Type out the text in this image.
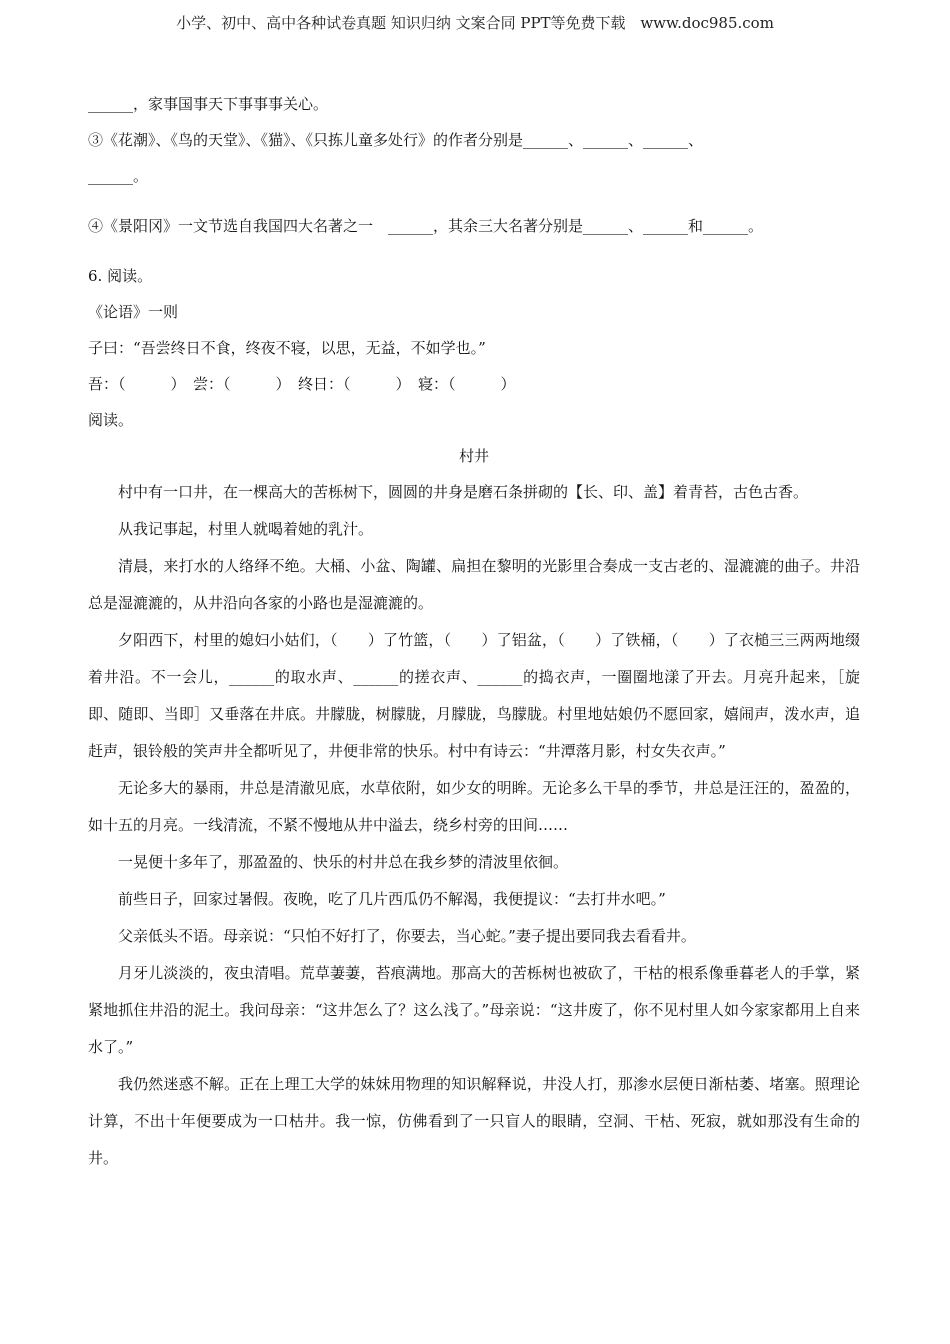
小学、初中、高中各种试卷真题 知识归纳 文案合同 PPT等免费下载 www.doc985.com
______，家事国事天下事事事关心。
③《花潮》、《鸟的天堂》、《猫》、《只拣儿童多处行》的作者分别是______、______、______、
______。
④《景阳冈》一文节选自我国四大名著之一　______，其余三大名著分别是______、______和______。
6. 阅读。
《论语》一则
子曰：“吾尝终日不食，终夜不寝，以思，无益，不如学也。”
吾：（　　　）　尝：（　　　）　终日：（　　　）　寝：（　　　）
阅读。
村井

村中有一口井，在一棵高大的苦栎树下，圆圆的井身是磨石条拼砌的【长、印、盖】着青苔，古色古香。

从我记事起，村里人就喝着她的乳汁。

清晨，来打水的人络绎不绝。大桶、小盆、陶罐、扁担在黎明的光影里合奏成一支古老的、湿漉漉的曲子。井沿总是湿漉漉的，从井沿向各家的小路也是湿漉漉的。

夕阳西下，村里的媳妇小姑们，（　　）了竹篮，（　　）了铝盆，（　　）了铁桶，（　　）了衣槌三三两两地缀着井沿。不一会儿，______的取水声、______的搓衣声、______的捣衣声，一圈圈地漾了开去。月亮升起来，［旋即、随即、当即］又垂落在井底。井朦胧，树朦胧，月朦胧，鸟朦胧。村里地姑娘仍不愿回家，嬉闹声，泼水声，追赶声，银铃般的笑声井全都听见了，井便非常的快乐。村中有诗云：“井潭落月影，村女失衣声。”

无论多大的暴雨，井总是清澈见底，水草依附，如少女的明眸。无论多么干旱的季节，井总是汪汪的，盈盈的，如十五的月亮。一线清流，不紧不慢地从井中溢去，绕乡村旁的田间……

一晃便十多年了，那盈盈的、快乐的村井总在我乡梦的清波里依徊。

前些日子，回家过暑假。夜晚，吃了几片西瓜仍不解渴，我便提议：“去打井水吧。”

父亲低头不语。母亲说：“只怕不好打了，你要去，当心蛇。”妻子提出要同我去看看井。

月牙儿淡淡的，夜虫清唱。荒草萋萋，苔痕满地。那高大的苦栎树也被砍了，干枯的根系像垂暮老人的手掌，紧紧地抓住井沿的泥土。我问母亲：“这井怎么了？这么浅了。”母亲说：“这井废了，你不见村里人如今家家都用上自来水了。”

我仍然迷惑不解。正在上理工大学的妹妹用物理的知识解释说，井没人打，那渗水层便日渐枯萎、堵塞。照理论计算，不出十年便要成为一口枯井。我一惊，仿佛看到了一只盲人的眼睛，空洞、干枯、死寂，就如那没有生命的井。
